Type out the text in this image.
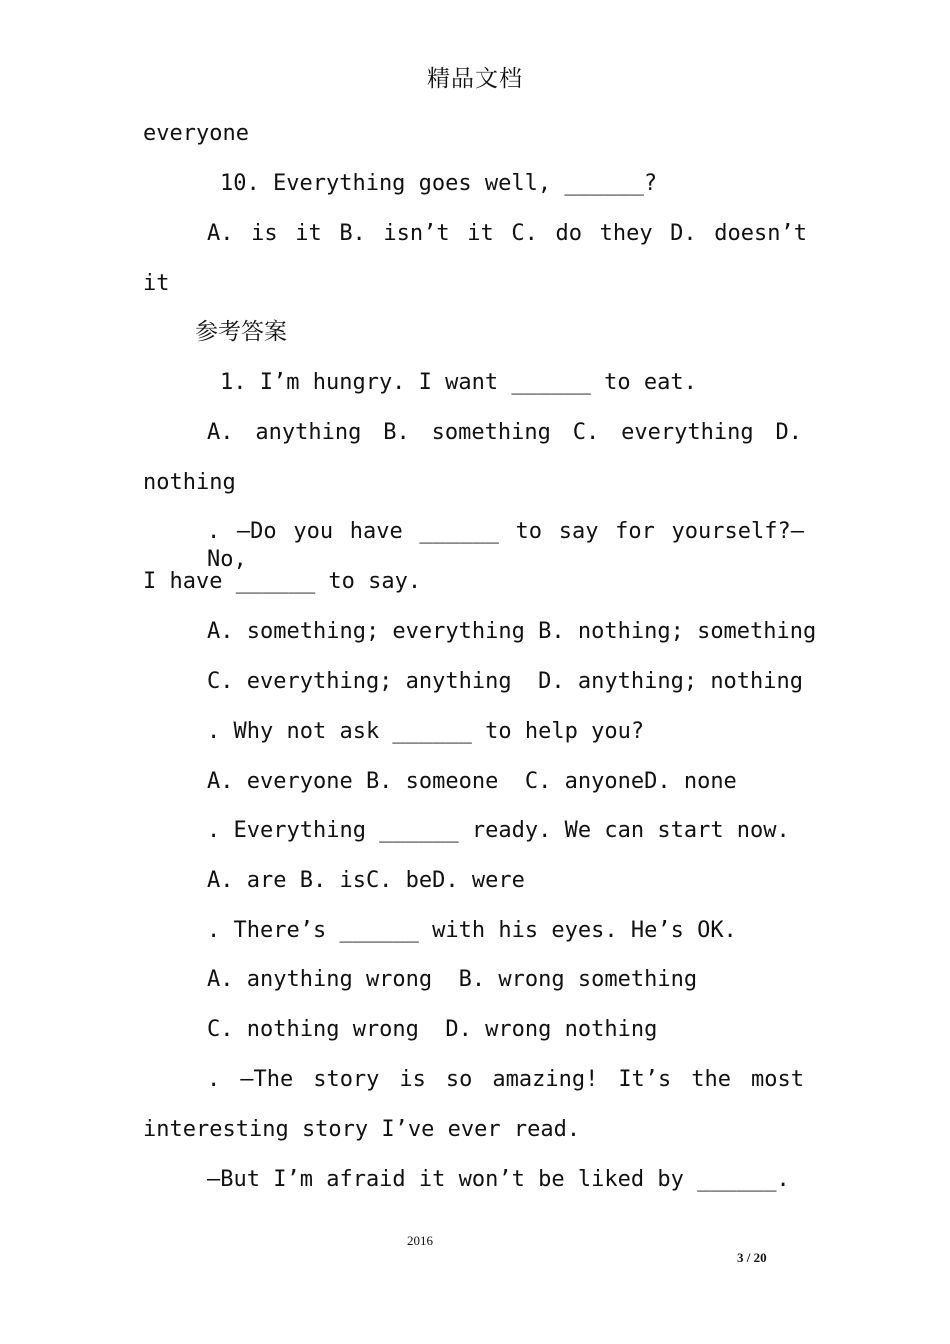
精品文档
everyone
10. Everything goes well, ______?
A. is it B. isn’t it C. do they D. doesn’t
it
参考答案
1. I’m hungry. I want ______ to eat.
A. anything B. something C. everything D.
nothing
. —Do you have ______ to say for yourself?—No,
I have ______ to say.
A. something; everything B. nothing; something
C. everything; anything  D. anything; nothing
. Why not ask ______ to help you?
A. everyone B. someone  C. anyoneD. none
. Everything ______ ready. We can start now.
A. are B. isC. beD. were
. There’s ______ with his eyes. He’s OK.
A. anything wrong  B. wrong something
C. nothing wrong  D. wrong nothing
. —The story is so amazing! It’s the most
interesting story I’ve ever read.
—But I’m afraid it won’t be liked by ______.
2016
3 / 20
